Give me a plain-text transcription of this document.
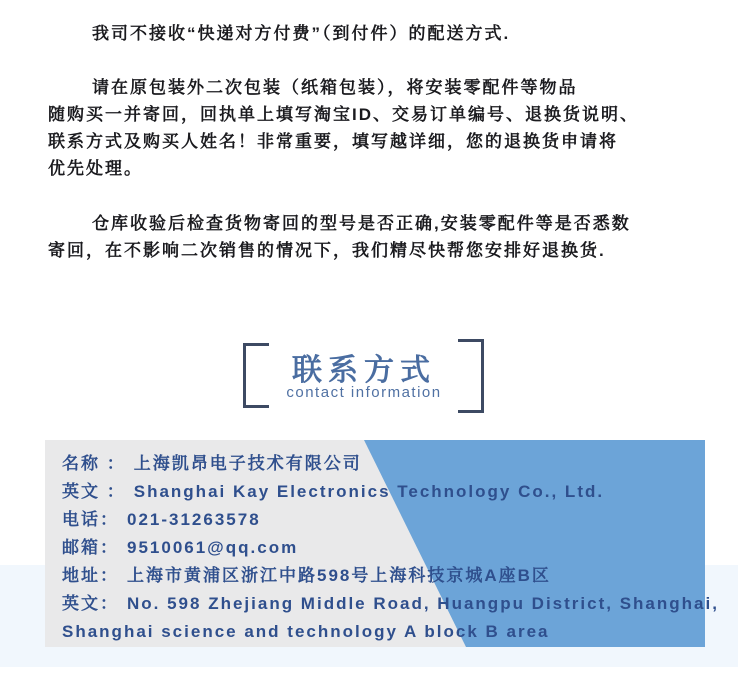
我司不接收“快递对方付费”（到付件）的配送方式.
请在原包装外二次包装（纸箱包装），将安装零配件等物品
随购买一并寄回，回执单上填写淘宝ID、交易订单编号、退换货说明、
联系方式及购买人姓名！非常重要，填写越详细，您的退换货申请将
优先处理。
仓库收验后检查货物寄回的型号是否正确,安装零配件等是否悉数
寄回，在不影响二次销售的情况下，我们精尽快帮您安排好退换货.
联系方式
contact information
名称 ： 上海凯昂电子技术有限公司
英文 ： Shanghai Kay Electronics Technology Co., Ltd.
电话： 021-31263578
邮箱： 9510061@qq.com
地址： 上海市黄浦区浙江中路598号上海科技京城A座B区
英文： No. 598 Zhejiang Middle Road, Huangpu District, Shanghai,
Shanghai science and technology A block B area
